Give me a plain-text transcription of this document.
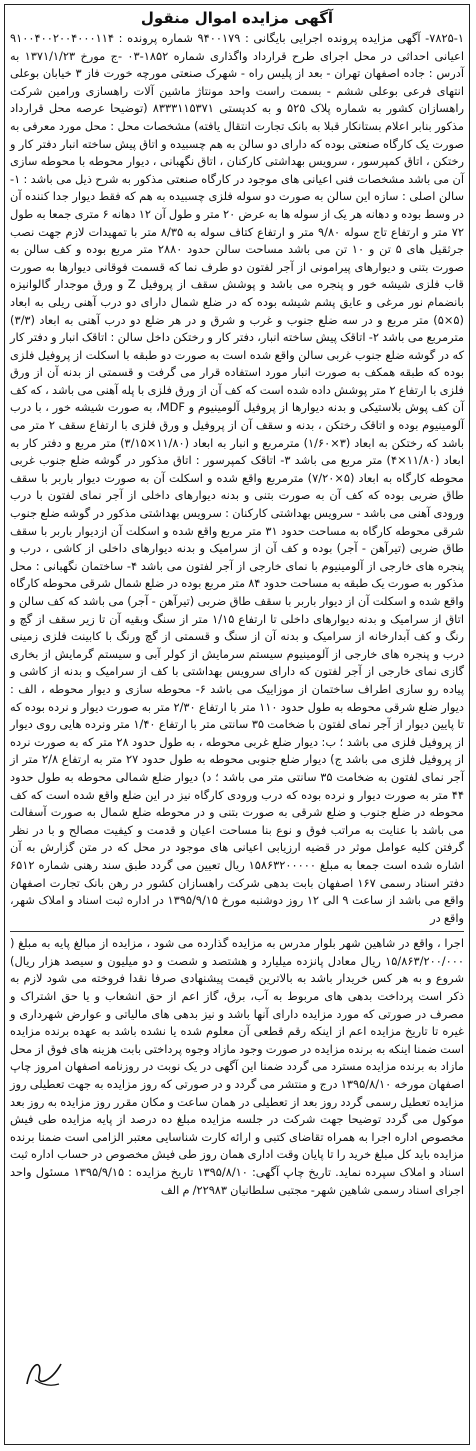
آگهی مزایده اموال منقول

۷۸۲۵-۱- آگهی مزایده پرونده اجرایی بایگانی : ۹۴۰۰۱۷۹ شماره پرونده : ۹۱۰۰۴۰۰۲۰۰۴۰۰۰۱۱۴ اعیانی احداثی در محل اجرای طرح قرارداد واگذاری شماره ۱۸۵۲-۰۳ -ج مورخ ۱۳۷۱/۱/۲۳ به آدرس : جاده اصفهان تهران - بعد از پلیس راه - شهرک صنعتی مورچه خورت فاز ۳ خیابان بوعلی انتهای فرعی بوعلی ششم - بسمت راست واحد مونتاژ ماشین آلات راهسازی ورامین شرکت راهسازان کشور به شماره پلاک ۵۲۵ و به کدپستی ۸۳۳۳۱۱۵۳۷۱ (توضیحا عرصه محل قرارداد مذکور بنابر اعلام بستانکار قبلا به بانک تجارت انتقال یافته) مشخصات محل : محل مورد معرفی به صورت یک کارگاه صنعتی بوده که دارای دو سالن به هم چسبیده و اتاق پیش ساخته انبار دفتر کار و رختکن ، اتاق کمپرسور ، سرویس بهداشتی کارکنان ، اتاق نگهبانی ، دیوار محوطه با محوطه سازی آن می باشد مشخصات فنی اعیانی های موجود در کارگاه صنعتی مذکور به شرح ذیل می باشد : ۱- سالن اصلی : سازه این سالن به صورت دو سوله فلزی چسبیده به هم که فقط دیوار جدا کننده آن در وسط بوده و دهانه هر یک از سوله ها به عرض ۲۰ متر و طول آن ۱۲ دهانه ۶ متری جمعا به طول ۷۲ متر و ارتفاع تاج سوله ۹/۸۰ متر و ارتفاع کتاف سوله به ۸/۳۵ متر با تمهیدات لازم جهت نصب جرثقیل های ۵ تن و ۱۰ تن می باشد مساحت سالن حدود ۲۸۸۰ متر مربع بوده و کف سالن به صورت بتنی و دیوارهای پیرامونی از آجر لفتون دو طرف نما که قسمت فوقانی دیوارها به صورت قاب فلزی شیشه خور و پنجره می باشد و پوشش سقف از پروفیل Z و ورق موجدار گالوانیزه بانضمام نور مرغی و عایق پشم شیشه بوده که در ضلع شمال دارای دو درب آهنی ریلی به ابعاد (۵×۵) متر مربع و در سه ضلع جنوب و غرب و شرق و در هر ضلع دو درب آهنی به ابعاد (۳/۳) مترمربع می باشد ۲- اتاقک پیش ساخته انبار، دفتر کار و رختکن داخل سالن : اتاقک انبار و دفتر کار که در گوشه ضلع جنوب غربی سالن واقع شده است به صورت دو طبقه با اسکلت از پروفیل فلزی بوده که طبقه همکف به صورت انبار مورد استفاده قرار می گرفت و قسمتی از بدنه آن از ورق فلزی با ارتفاع ۲ متر پوشش داده شده است که کف آن از ورق فلزی با پله آهنی می باشد ، که کف آن کف پوش بلاستیکی و بدنه دیوارها از پروفیل آلومینیوم و MDF، به صورت شیشه خور ، با درب آلومینیوم بوده و اتاقک رختکن ، بدنه و سقف آن از پروفیل و ورق فلزی با ارتفاع سقف ۲ متر می باشد که رختکن به ابعاد (۳×۱/۶۰) مترمربع و انبار به ابعاد (۱۱/۸۰×۳/۱۵) متر مربع و دفتر کار به ابعاد (۱۱/۸۰×۴) متر مربع می باشد ۳- اتاقک کمپرسور : اتاق مذکور در گوشه ضلع جنوب غربی محوطه کارگاه به ابعاد (۵×۷/۲۰) مترمربع واقع شده و اسکلت آن به صورت دیوار باربر با سقف طاق ضربی بوده که کف آن به صورت بتنی و بدنه دیوارهای داخلی از آجر نمای لفتون با درب ورودی آهنی می باشد - سرویس بهداشتی کارکنان : سرویس بهداشتی مذکور در گوشه ضلع جنوب شرقی محوطه کارگاه به مساحت حدود ۳۱ متر مربع واقع شده و اسکلت آن ازدیوار باربر با سقف طاق ضربی (تیرآهن - آجر) بوده و کف آن از سرامیک و بدنه دیوارهای داخلی از کاشی ، درب و پنجره های خارجی از آلومینیوم با نمای خارجی از آجر لفتون می باشد ۴- ساختمان نگهبانی : محل مذکور به صورت یک طبقه به مساحت حدود ۸۴ متر مربع بوده در ضلع شمال شرقی محوطه کارگاه واقع شده و اسکلت آن از دیوار باربر با سقف طاق ضربی (تیرآهن - آجر) می باشد که کف سالن و اتاق از سرامیک و بدنه دیوارهای داخلی تا ارتفاع ۱/۱۵ متر از سنگ وبقیه آن تا زیر سقف از گچ و رنگ و کف آبدارخانه از سرامیک و بدنه آن از سنگ و قسمتی از گچ ورنگ با کابینت فلزی زمینی درب و پنجره های خارجی از آلومینیوم سیستم سرمایش از کولر آبی و سیستم گرمایش از بخاری گازی نمای خارجی از آجر لفتون که دارای سرویس بهداشتی با کف از سرامیک و بدنه از کاشی و پیاده رو سازی اطراف ساختمان از موزاییک می باشد ۶- محوطه سازی و دیوار محوطه ، الف : دیوار ضلع شرقی محوطه به طول حدود ۱۱۰ متر با ارتفاع ۲/۳۰ متر به صورت دیوار و نرده بوده که تا پایین دیوار از آجر نمای لفتون با ضخامت ۳۵ سانتی متر با ارتفاع ۱/۴۰ متر ونرده هایی روی دیوار از پروفیل فلزی می باشد ؛ ب: دیوار ضلع غربی محوطه ، به طول حدود ۲۸ متر که به صورت نرده از پروفیل فلزی می باشد ج) دیوار ضلع جنوبی محوطه به طول حدود ۲۷ متر به ارتفاع ۲/۸ متر از آجر نمای لفتون به ضخامت ۳۵ سانتی متر می باشد ؛ د) دیوار ضلع شمالی محوطه به طول حدود ۴۴ متر به صورت دیوار و نرده بوده که درب ورودی کارگاه نیز در این ضلع واقع شده است که کف محوطه در ضلع جنوب و ضلع شرقی به صورت بتنی و در محوطه ضلع شمال به صورت آسفالت می باشد با عنایت به مراتب فوق و نوع بنا مساحت اعیان و قدمت و کیفیت مصالح و با در نظر گرفتن کلیه عوامل موثر در قضیه ارزیابی اعیانی های موجود در محل که در متن گزارش به آن اشاره شده است جمعا به مبلغ ۱۵۸۶۳۲۰۰۰۰۰ ریال تعیین می گردد طبق سند رهنی شماره ۶۵۱۲ دفتر اسناد رسمی ۱۶۷ اصفهان بابت بدهی شرکت راهسازان کشور در رهن بانک تجارت اصفهان واقع می باشد از ساعت ۹ الی ۱۲ روز دوشنبه مورخ ۱۳۹۵/۹/۱۵ در اداره ثبت اسناد و املاک شهر، واقع در

اجرا ، واقع در شاهین شهر بلوار مدرس به مزایده گذارده می شود ، مزایده از مبالغ پایه به مبلغ ( ۱۵/۸۶۳/۲۰۰/۰۰۰ ریال معادل پانزده میلیارد و هشتصد و شصت و دو میلیون و سیصد هزار ریال) شروع و به هر کس خریدار باشد به بالاترین قیمت پیشنهادی صرفا نقدا فروخته می شود لازم به ذکر است پرداخت بدهی های مربوط به آب، برق، گاز اعم از حق انشعاب و یا حق اشتراک و مصرف در صورتی که مورد مزایده دارای آنها باشد و نیز بدهی های مالیاتی و عوارض شهرداری و غیره تا تاریخ مزایده اعم از اینکه رقم قطعی آن معلوم شده یا نشده باشد به عهده برنده مزایده است ضمنا اینکه به برنده مزایده در صورت وجود مازاد وجوه پرداختی بابت هزینه های فوق از محل مازاد به برنده مزایده مسترد می گردد ضمنا این آگهی در یک نوبت در روزنامه اصفهان امروز چاپ اصفهان مورخه ۱۳۹۵/۸/۱۰ درج و منتشر می گردد و در صورتی که روز مزایده به جهت تعطیلی روز مزایده تعطیل رسمی گردد روز بعد از تعطیلی در همان ساعت و مکان مقرر روز مزایده به روز بعد موکول می گردد توضیحا جهت شرکت در جلسه مزایده مبلغ ده درصد از پایه مزایده طی فیش مخصوص اداره اجرا به همراه تقاضای کتبی و ارائه کارت شناسایی معتبر الزامی است ضمنا برنده مزایده باید کل مبلغ خرید را تا پایان وقت اداری همان روز طی فیش مخصوص در حساب اداره ثبت اسناد و املاک سپرده نماید. تاریخ چاپ آگهی: ۱۳۹۵/۸/۱۰ تاریخ مزایده : ۱۳۹۵/۹/۱۵ مسئول واحد اجرای اسناد رسمی شاهین شهر- مجتبی سلطانیان ۲۲۹۸۳/ م الف
